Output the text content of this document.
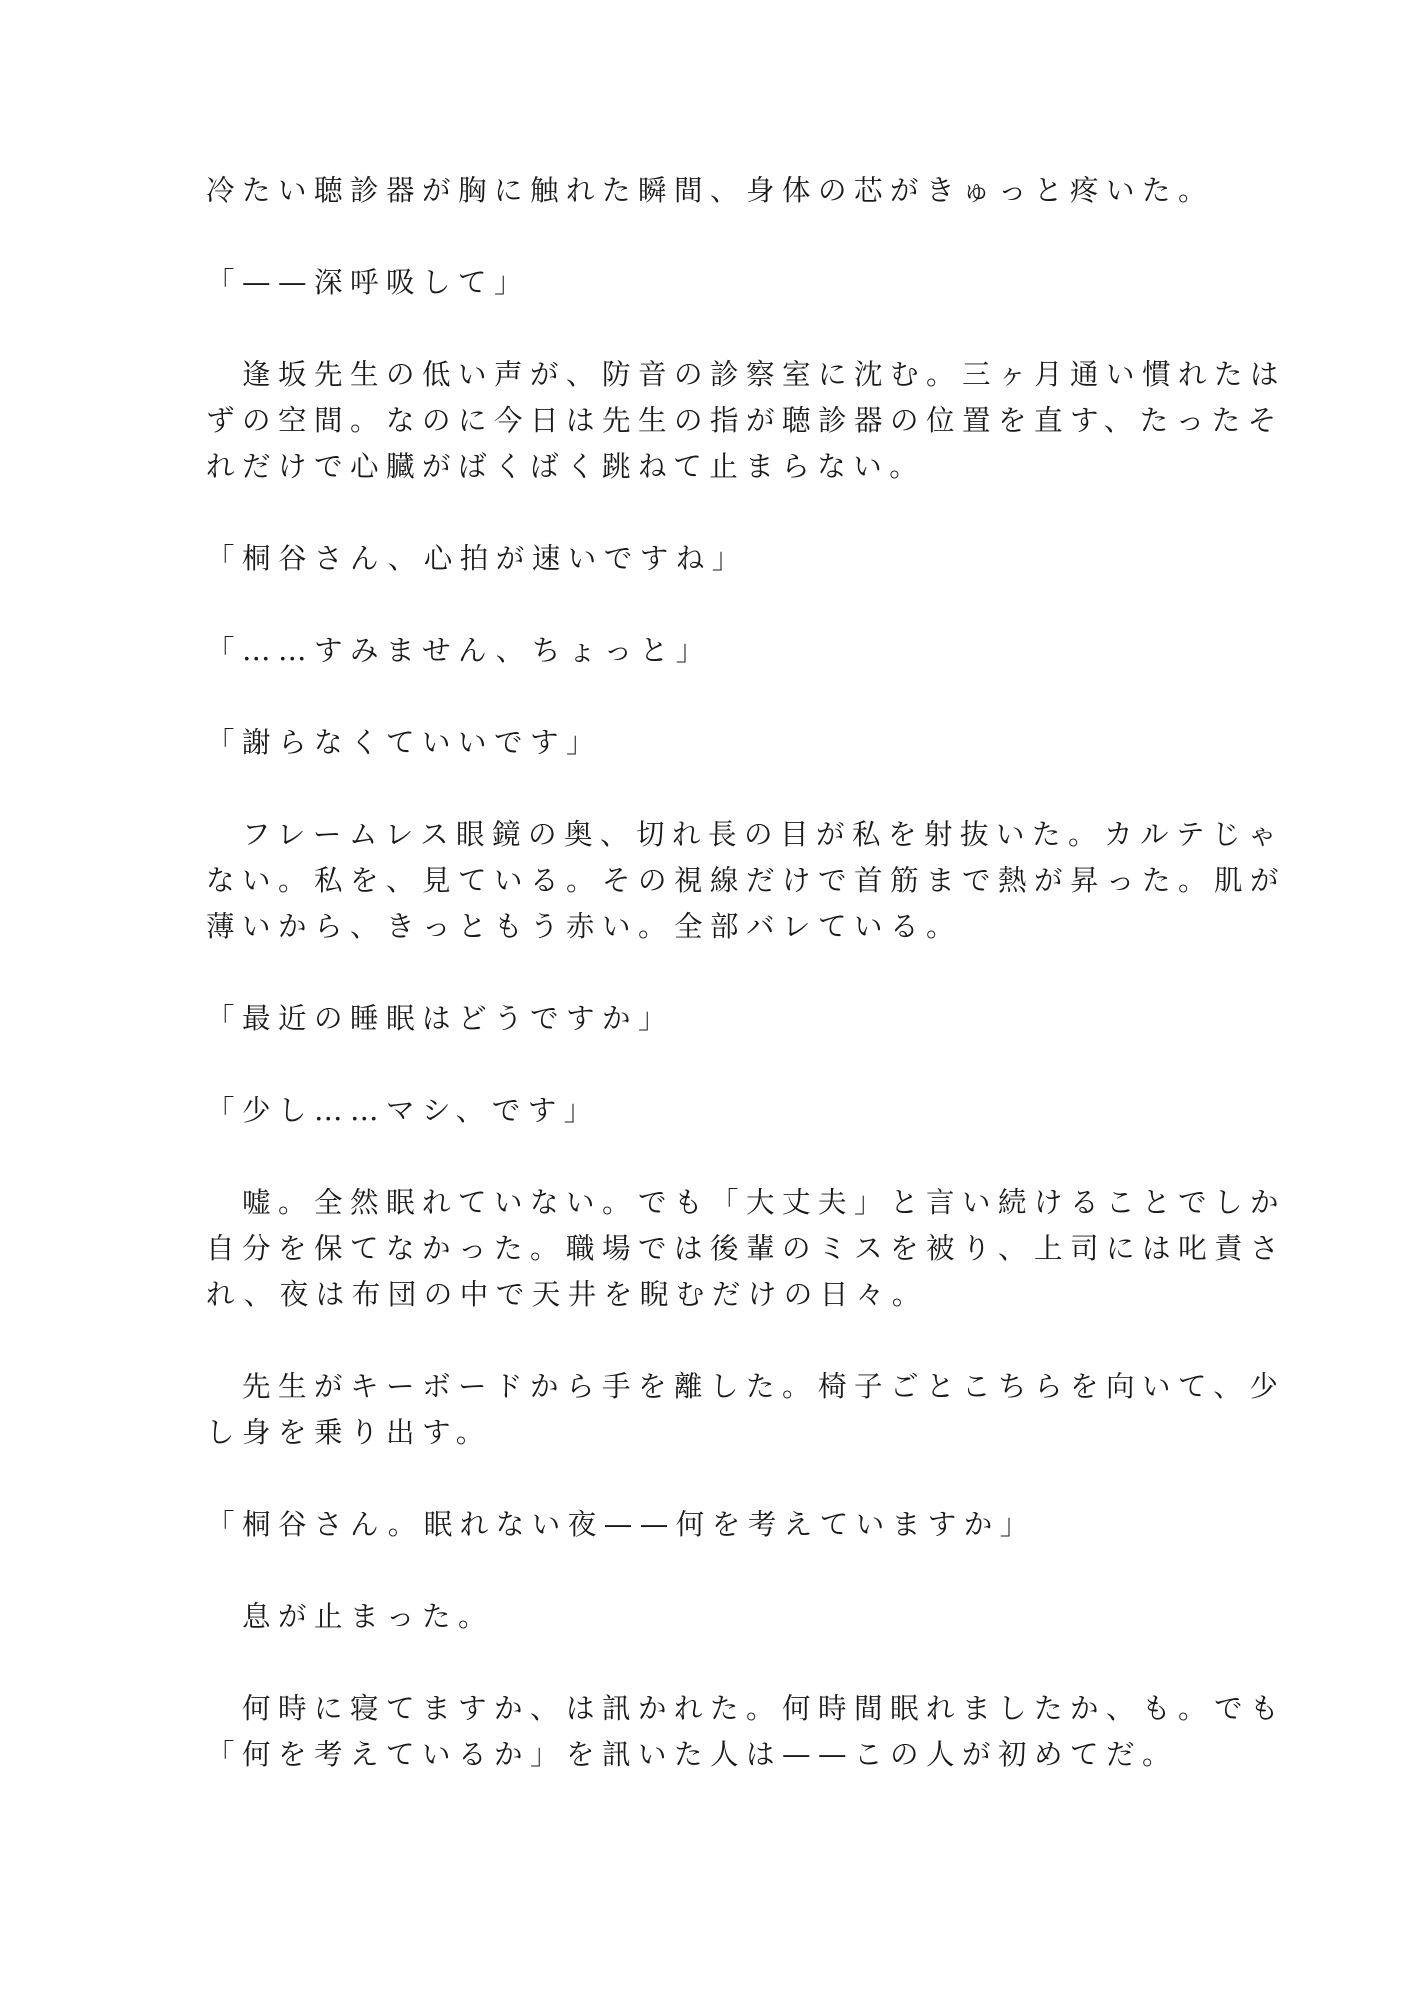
冷たい聴診器が胸に触れた瞬間、身体の芯がきゅっと疼いた。
「——深呼吸して」
　逢坂先生の低い声が、防音の診察室に沈む。三ヶ月通い慣れたは
ずの空間。なのに今日は先生の指が聴診器の位置を直す、たったそ
れだけで心臓がばくばく跳ねて止まらない。
「桐谷さん、心拍が速いですね」
「……すみません、ちょっと」
「謝らなくていいです」
　フレームレス眼鏡の奥、切れ長の目が私を射抜いた。カルテじゃ
ない。私を、見ている。その視線だけで首筋まで熱が昇った。肌が
薄いから、きっともう赤い。全部バレている。
「最近の睡眠はどうですか」
「少し……マシ、です」
　嘘。全然眠れていない。でも「大丈夫」と言い続けることでしか
自分を保てなかった。職場では後輩のミスを被り、上司には叱責さ
れ、夜は布団の中で天井を睨むだけの日々。
　先生がキーボードから手を離した。椅子ごとこちらを向いて、少
し身を乗り出す。
「桐谷さん。眠れない夜——何を考えていますか」
　息が止まった。
　何時に寝てますか、は訊かれた。何時間眠れましたか、も。でも
「何を考えているか」を訊いた人は——この人が初めてだ。
